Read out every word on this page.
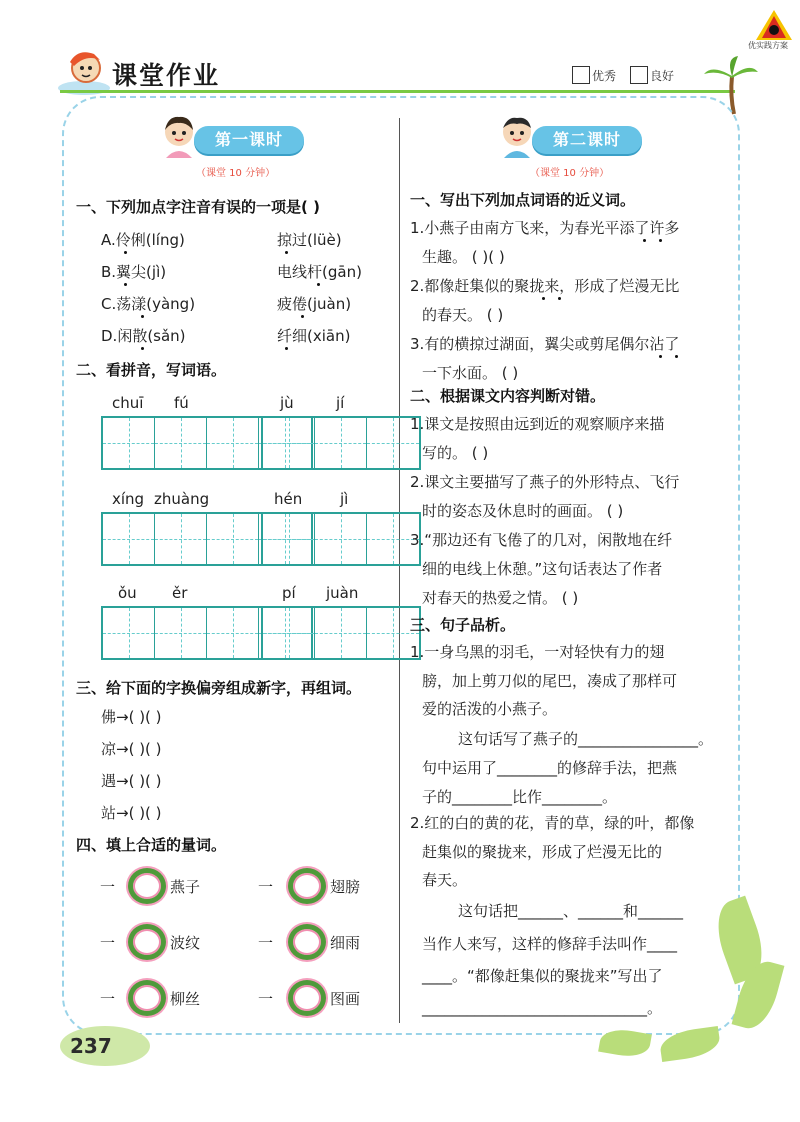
优实践方案
课堂作业	优秀	良好
第一课时
（课堂 10 分钟）
一、下列加点字注音有误的一项是( )
A.伶俐(líng)	掠过(lüè)
B.翼尖(jì)	电线杆(gān)
C.荡漾(yàng)	疲倦(juàn)
D.闲散(sǎn)	纤细(xiān)
二、看拼音，写词语。
chuī fú	jù	jí
xíng zhuàng	hén	jì
ǒu ěr	pí juàn
三、给下面的字换偏旁组成新字，再组词。
佛→( )( )
凉→( )( )
遇→( )( )
站→( )( )
四、填上合适的量词。
一	燕子	一	翅膀
一	波纹	一	细雨
一	柳丝	一	图画
第二课时
（课堂 10 分钟）
一、写出下列加点词语的近义词。
1.小燕子由南方飞来，为春光平添了许多
生趣。 ( )( )
2.都像赶集似的聚拢来，形成了烂漫无比
的春天。 ( )
3.有的横掠过湖面，翼尖或剪尾偶尔沾了
一下水面。 ( )
二、根据课文内容判断对错。
1.课文是按照由远到近的观察顺序来描
写的。 ( )
2.课文主要描写了燕子的外形特点、飞行
时的姿态及休息时的画面。 ( )
3.“那边还有飞倦了的几对，闲散地在纤
细的电线上休憩。”这句话表达了作者
对春天的热爱之情。 ( )
三、句子品析。
1.一身乌黑的羽毛，一对轻快有力的翅
膀，加上剪刀似的尾巴，凑成了那样可
爱的活泼的小燕子。
这句话写了燕子的________________。
句中运用了________的修辞手法，把燕
子的________比作________。
2.红的白的黄的花，青的草，绿的叶，都像
赶集似的聚拢来，形成了烂漫无比的
春天。
这句话把______、______和______
当作人来写，这样的修辞手法叫作____
____。“都像赶集似的聚拢来”写出了
______________________________。
237
